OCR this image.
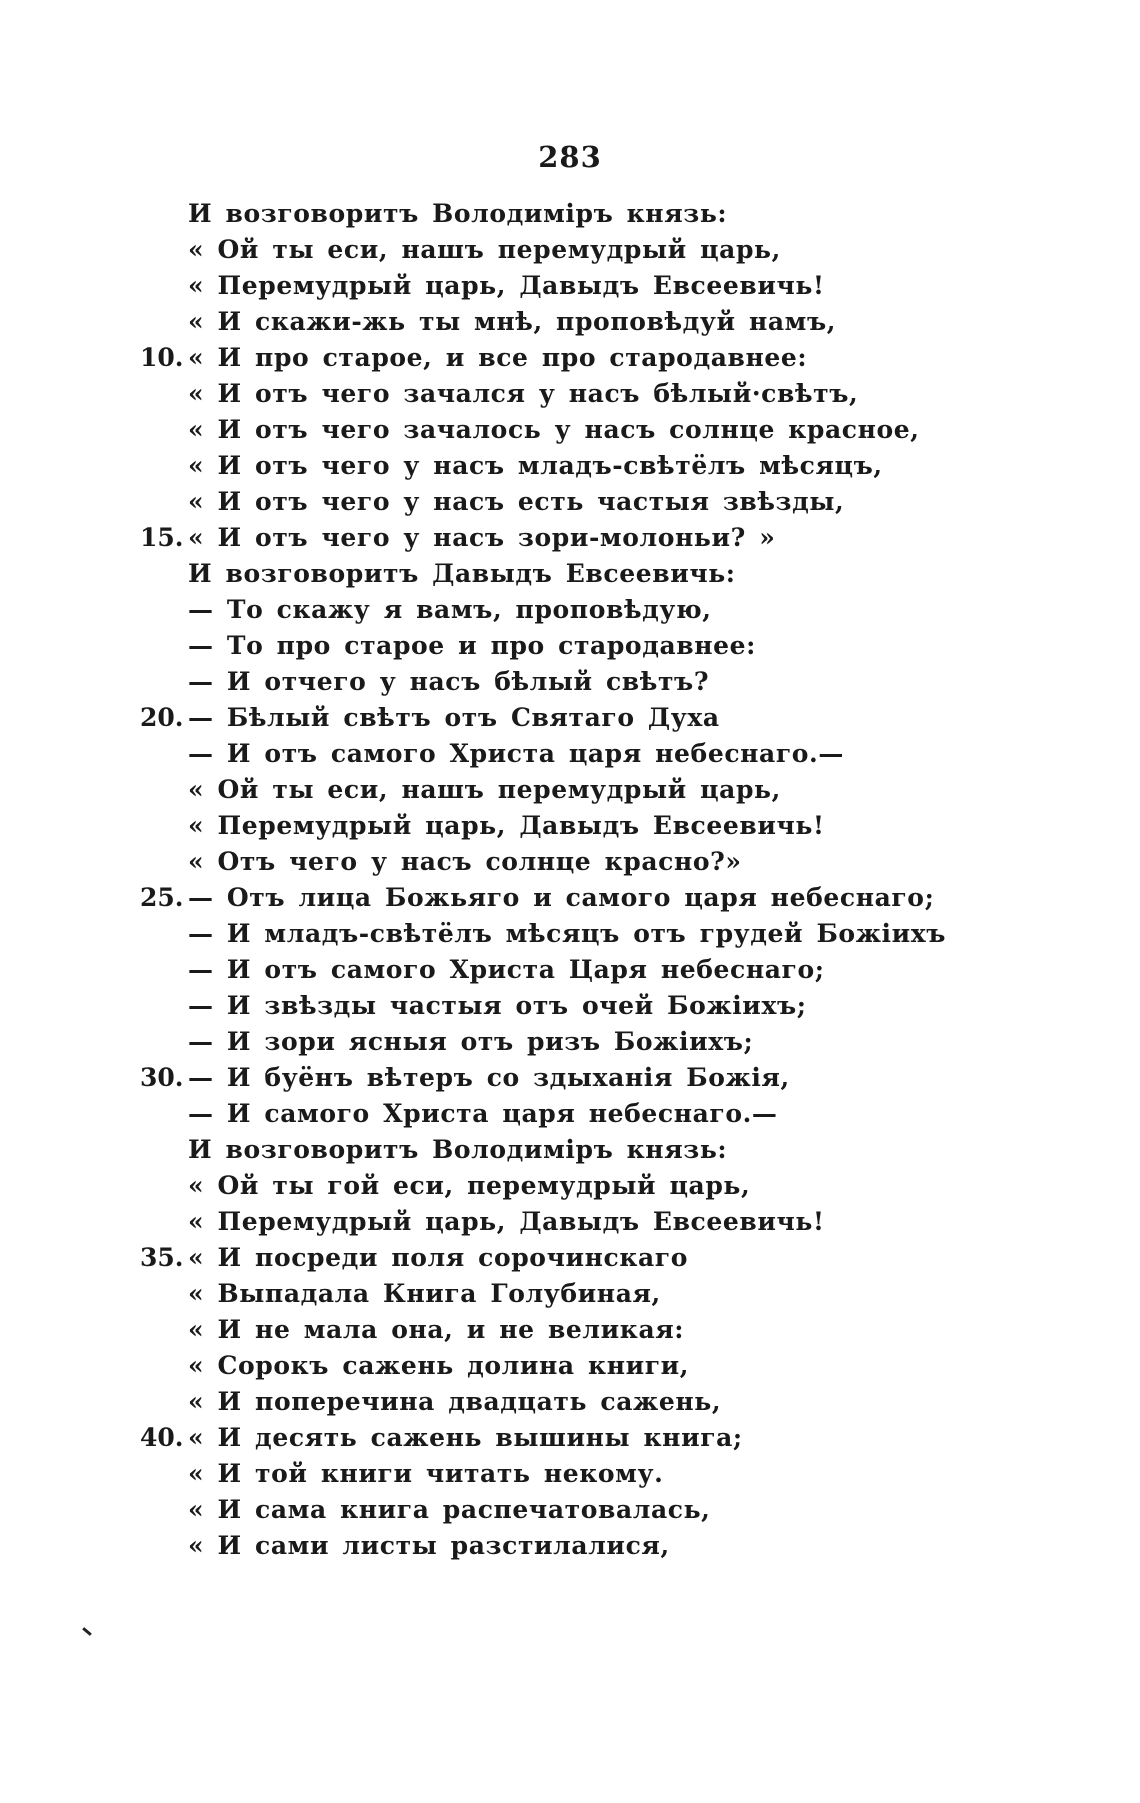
283
И возговоритъ Володиміръ князь:
« Ой ты еси, нашъ перемудрый царь,
« Перемудрый царь, Давыдъ Евсеевичь!
« И скажи-жь ты мнѣ, проповѣдуй намъ,
10. « И про старое, и все про стародавнее:
« И отъ чего зачался у насъ бѣлый·свѣтъ,
« И отъ чего зачалось у насъ солнце красное,
« И отъ чего у насъ младъ-свѣтёлъ мѣсяцъ,
« И отъ чего у насъ есть частыя звѣзды,
15. « И отъ чего у насъ зори-молоньи? »
И возговоритъ Давыдъ Евсеевичь:
— То скажу я вамъ, проповѣдую,
— То про старое и про стародавнее:
— И отчего у насъ бѣлый свѣтъ?
20. — Бѣлый свѣтъ отъ Святаго Духа
— И отъ самого Христа царя небеснаго.—
« Ой ты еси, нашъ перемудрый царь,
« Перемудрый царь, Давыдъ Евсеевичь!
« Отъ чего у насъ солнце красно?»
25. — Отъ лица Божьяго и самого царя небеснаго;
— И младъ-свѣтёлъ мѣсяцъ отъ грудей Божіихъ
— И отъ самого Христа Царя небеснаго;
— И звѣзды частыя отъ очей Божіихъ;
— И зори ясныя отъ ризъ Божіихъ;
30. — И буёнъ вѣтеръ со здыханія Божія,
— И самого Христа царя небеснаго.—
И возговоритъ Володиміръ князь:
« Ой ты гой еси, перемудрый царь,
« Перемудрый царь, Давыдъ Евсеевичь!
35. « И посреди поля сорочинскаго
« Выпадала Книга Голубиная,
« И не мала она, и не великая:
« Сорокъ сажень долина книги,
« И поперечина двадцать сажень,
40. « И десять сажень вышины книга;
« И той книги читать некому.
« И сама книга распечатовалась,
« И сами листы разстилалися,
